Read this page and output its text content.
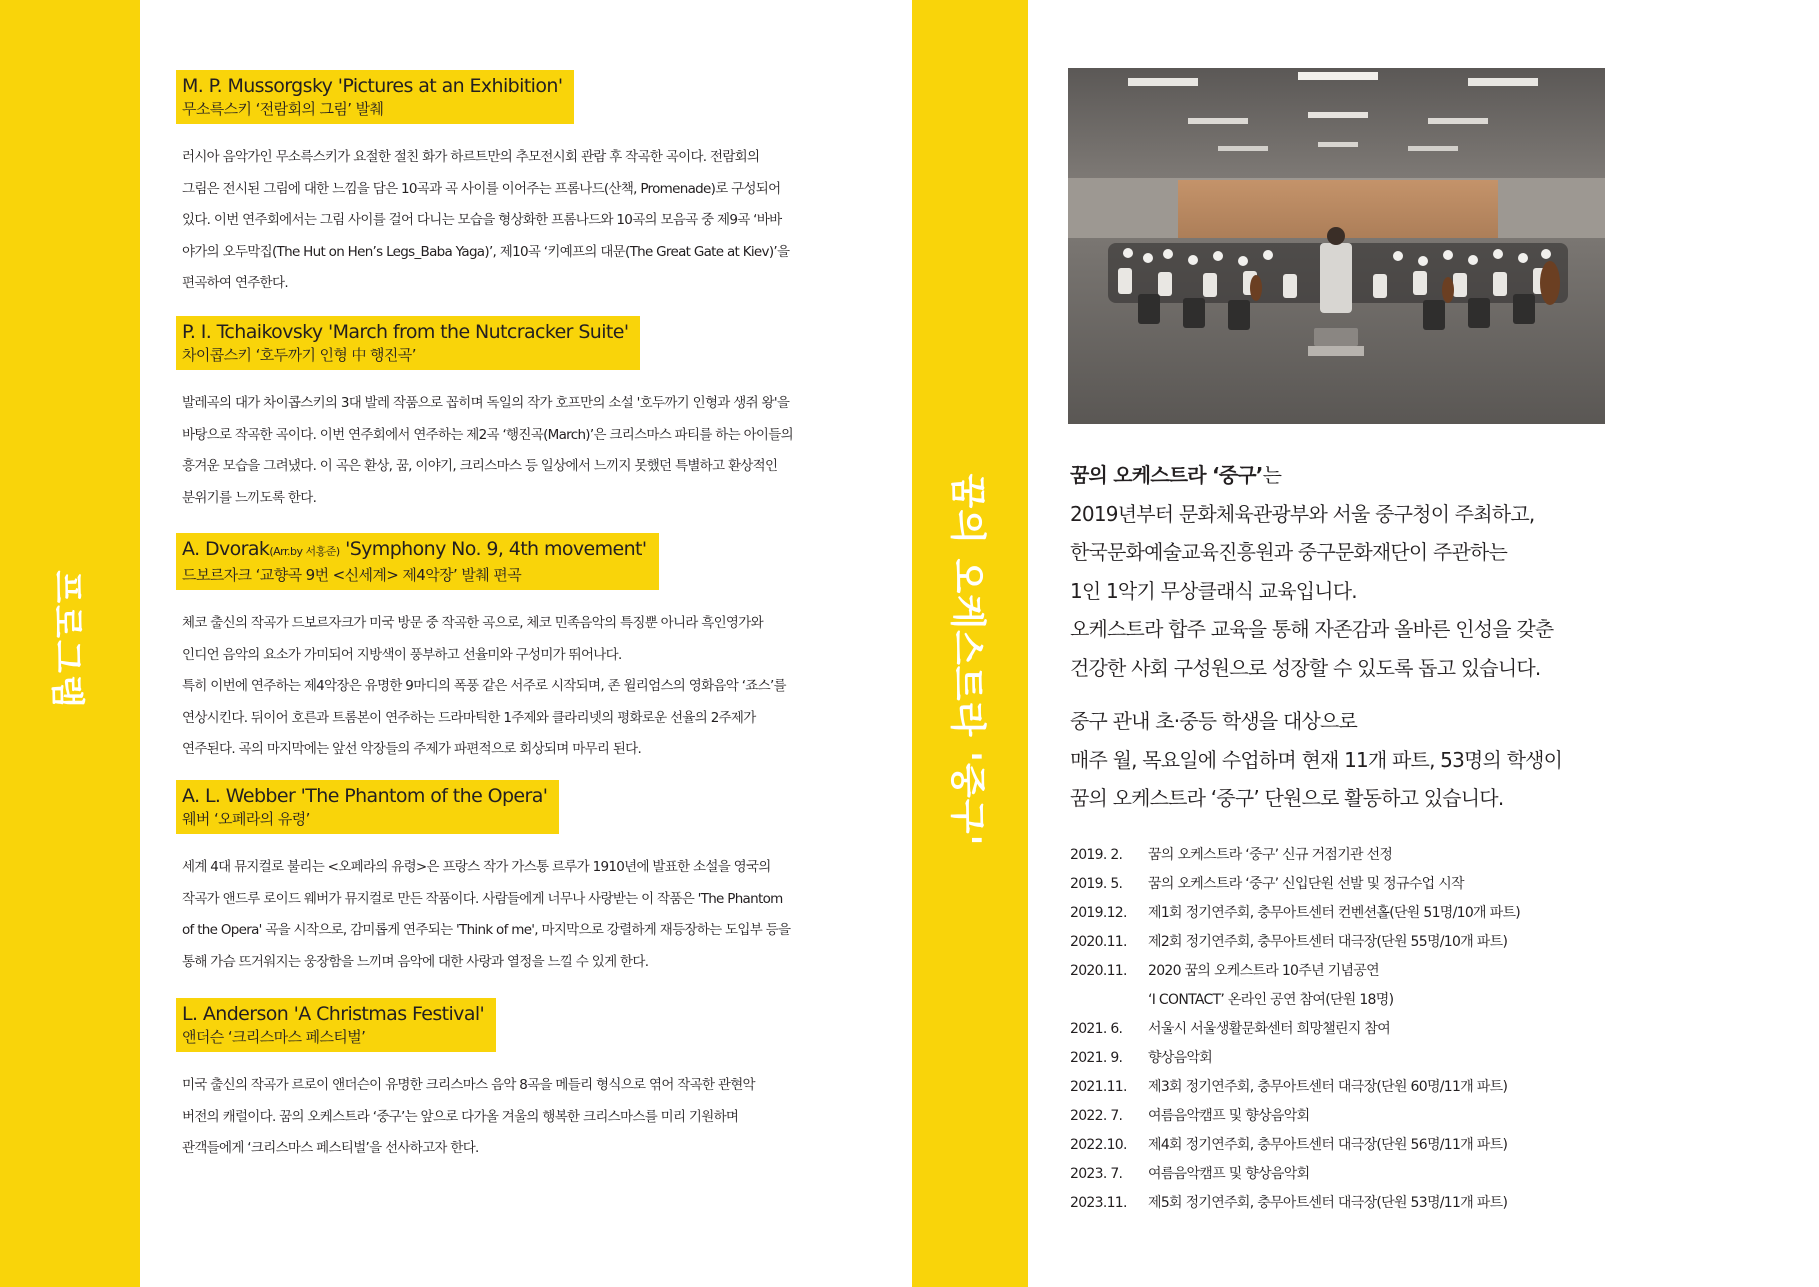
프로그램	꿈의 오케스트라 '중구'
M. P. Mussorgsky 'Pictures at an Exhibition'
무소륵스키 ‘전람회의 그림’ 발췌
러시아 음악가인 무소륵스키가 요절한 절친 화가 하르트만의 추모전시회 관람 후 작곡한 곡이다. 전람회의
그림은 전시된 그림에 대한 느낌을 담은 10곡과 곡 사이를 이어주는 프롬나드(산책, Promenade)로 구성되어
있다. 이번 연주회에서는 그림 사이를 걸어 다니는 모습을 형상화한 프롬나드와 10곡의 모음곡 중 제9곡 ‘바바
야가의 오두막집(The Hut on Hen’s Legs_Baba Yaga)’, 제10곡 ‘키예프의 대문(The Great Gate at Kiev)’을
편곡하여 연주한다.
P. I. Tchaikovsky 'March from the Nutcracker Suite'
차이콥스키 ‘호두까기 인형 中 행진곡’
발레곡의 대가 차이콥스키의 3대 발레 작품으로 꼽히며 독일의 작가 호프만의 소설 '호두까기 인형과 생쥐 왕'을
바탕으로 작곡한 곡이다. 이번 연주회에서 연주하는 제2곡 ‘행진곡(March)’은 크리스마스 파티를 하는 아이들의
흥겨운 모습을 그려냈다. 이 곡은 환상, 꿈, 이야기, 크리스마스 등 일상에서 느끼지 못했던 특별하고 환상적인
분위기를 느끼도록 한다.
A. Dvorak(Arr.by 서홍준) 'Symphony No. 9, 4th movement'
드보르자크 ‘교향곡 9번 <신세계> 제4악장’ 발췌 편곡
체코 출신의 작곡가 드보르자크가 미국 방문 중 작곡한 곡으로, 체코 민족음악의 특징뿐 아니라 흑인영가와
인디언 음악의 요소가 가미되어 지방색이 풍부하고 선율미와 구성미가 뛰어나다.
특히 이번에 연주하는 제4악장은 유명한 9마디의 폭풍 같은 서주로 시작되며, 존 윌리엄스의 영화음악 ‘죠스’를
연상시킨다. 뒤이어 호른과 트롬본이 연주하는 드라마틱한 1주제와 클라리넷의 평화로운 선율의 2주제가
연주된다. 곡의 마지막에는 앞선 악장들의 주제가 파편적으로 회상되며 마무리 된다.
A. L. Webber 'The Phantom of the Opera'
웨버 ‘오페라의 유령’
세계 4대 뮤지컬로 불리는 <오페라의 유령>은 프랑스 작가 가스통 르루가 1910년에 발표한 소설을 영국의
작곡가 앤드루 로이드 웨버가 뮤지컬로 만든 작품이다. 사람들에게 너무나 사랑받는 이 작품은 'The Phantom
of the Opera' 곡을 시작으로, 감미롭게 연주되는 'Think of me', 마지막으로 강렬하게 재등장하는 도입부 등을
통해 가슴 뜨거워지는 웅장함을 느끼며 음악에 대한 사랑과 열정을 느낄 수 있게 한다.
L. Anderson 'A Christmas Festival'
앤더슨 ‘크리스마스 페스티벌’
미국 출신의 작곡가 르로이 앤더슨이 유명한 크리스마스 음악 8곡을 메들리 형식으로 엮어 작곡한 관현악
버전의 캐럴이다. 꿈의 오케스트라 ‘중구’는 앞으로 다가올 겨울의 행복한 크리스마스를 미리 기원하며
관객들에게 ‘크리스마스 페스티벌’을 선사하고자 한다.
꿈의 오케스트라 ‘중구’는
2019년부터 문화체육관광부와 서울 중구청이 주최하고,
한국문화예술교육진흥원과 중구문화재단이 주관하는
1인 1악기 무상클래식 교육입니다.
오케스트라 합주 교육을 통해 자존감과 올바른 인성을 갖춘
건강한 사회 구성원으로 성장할 수 있도록 돕고 있습니다.
중구 관내 초·중등 학생을 대상으로
매주 월, 목요일에 수업하며 현재 11개 파트, 53명의 학생이
꿈의 오케스트라 ‘중구’ 단원으로 활동하고 있습니다.
2019. 2.	꿈의 오케스트라 ‘중구’ 신규 거점기관 선정
2019. 5.	꿈의 오케스트라 ‘중구’ 신입단원 선발 및 정규수업 시작
2019.12.	제1회 정기연주회, 충무아트센터 컨벤션홀(단원 51명/10개 파트)
2020.11.	제2회 정기연주회, 충무아트센터 대극장(단원 55명/10개 파트)
2020.11.	2020 꿈의 오케스트라 10주년 기념공연
‘I CONTACT’ 온라인 공연 참여(단원 18명)
2021. 6.	서울시 서울생활문화센터 희망챌린지 참여
2021. 9.	향상음악회
2021.11.	제3회 정기연주회, 충무아트센터 대극장(단원 60명/11개 파트)
2022. 7.	여름음악캠프 및 향상음악회
2022.10.	제4회 정기연주회, 충무아트센터 대극장(단원 56명/11개 파트)
2023. 7.	여름음악캠프 및 향상음악회
2023.11.	제5회 정기연주회, 충무아트센터 대극장(단원 53명/11개 파트)
